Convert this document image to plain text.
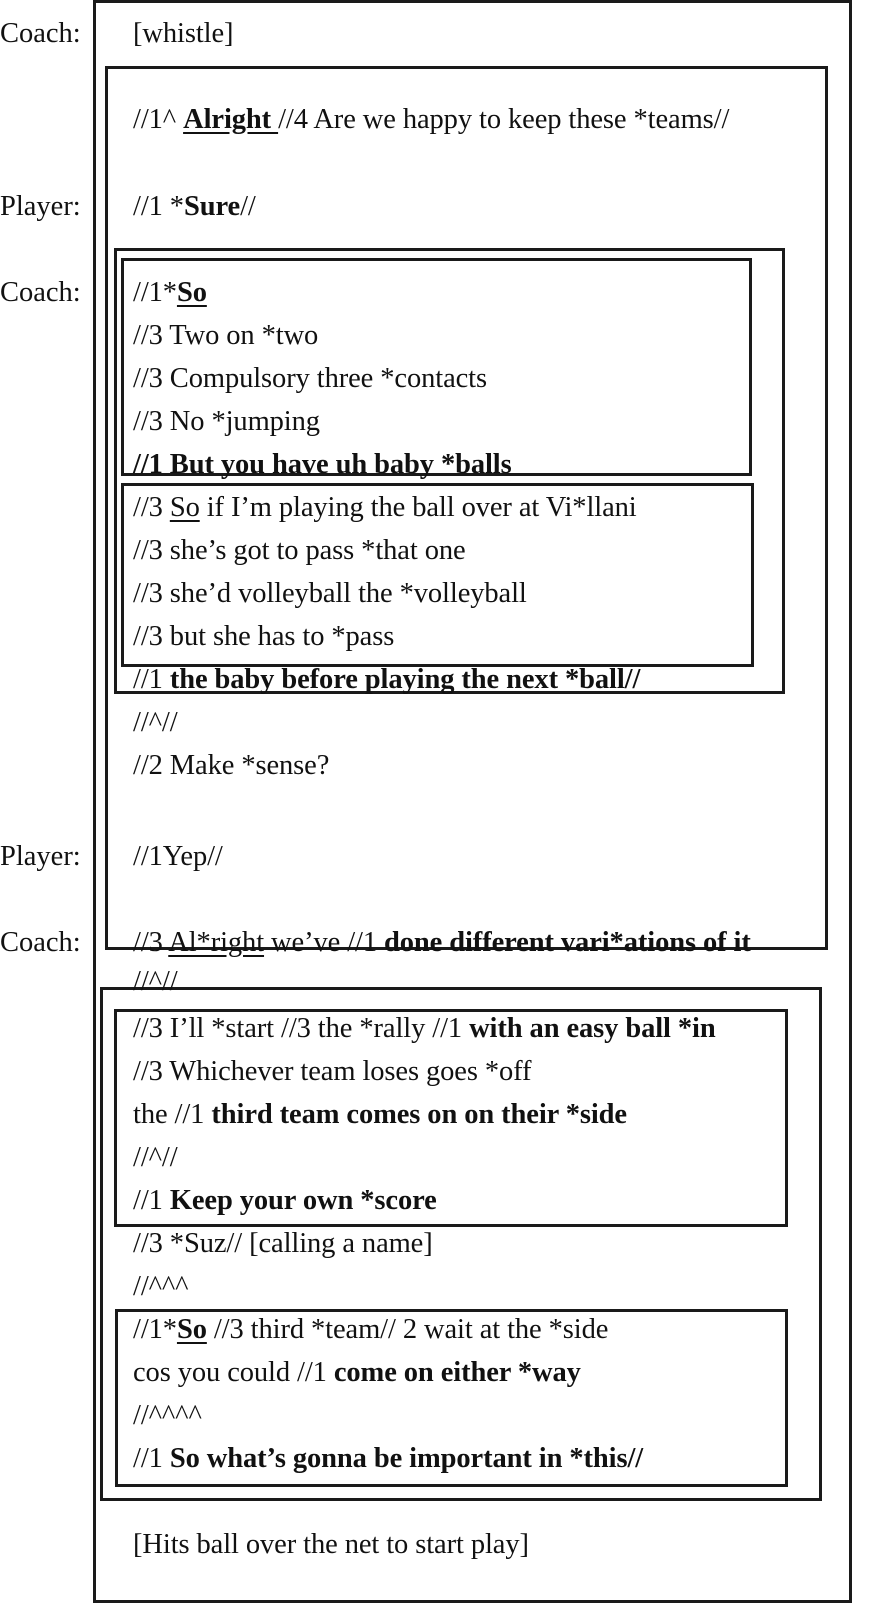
Coach:
Player:
Coach:
Player:
Coach:
[whistle]
//1^ Alright //4 Are we happy to keep these *teams//
//1 *Sure//
//1*So
//3 Two on *two
//3 Compulsory three *contacts
//3 No *jumping
//1 But you have uh baby *balls
//3 So if I’m playing the ball over at Vi*llani
//3 she’s got to pass *that one
//3 she’d volleyball the *volleyball
//3 but she has to *pass
//1 the baby before playing the next *ball//
//^//
//2 Make *sense?
//1Yep//
//3 Al*right we’ve //1 done different vari*ations of it
//^//
//3 I’ll *start //3 the *rally //1 with an easy ball *in
//3 Whichever team loses goes *off
the //1 third team comes on on their *side
//^//
//1 Keep your own *score
//3 *Suz// [calling a name]
//^^^
//1*So //3 third *team// 2 wait at the *side
cos you could //1 come on either *way
//^^^^
//1 So what’s gonna be important in *this//
[Hits ball over the net to start play]
